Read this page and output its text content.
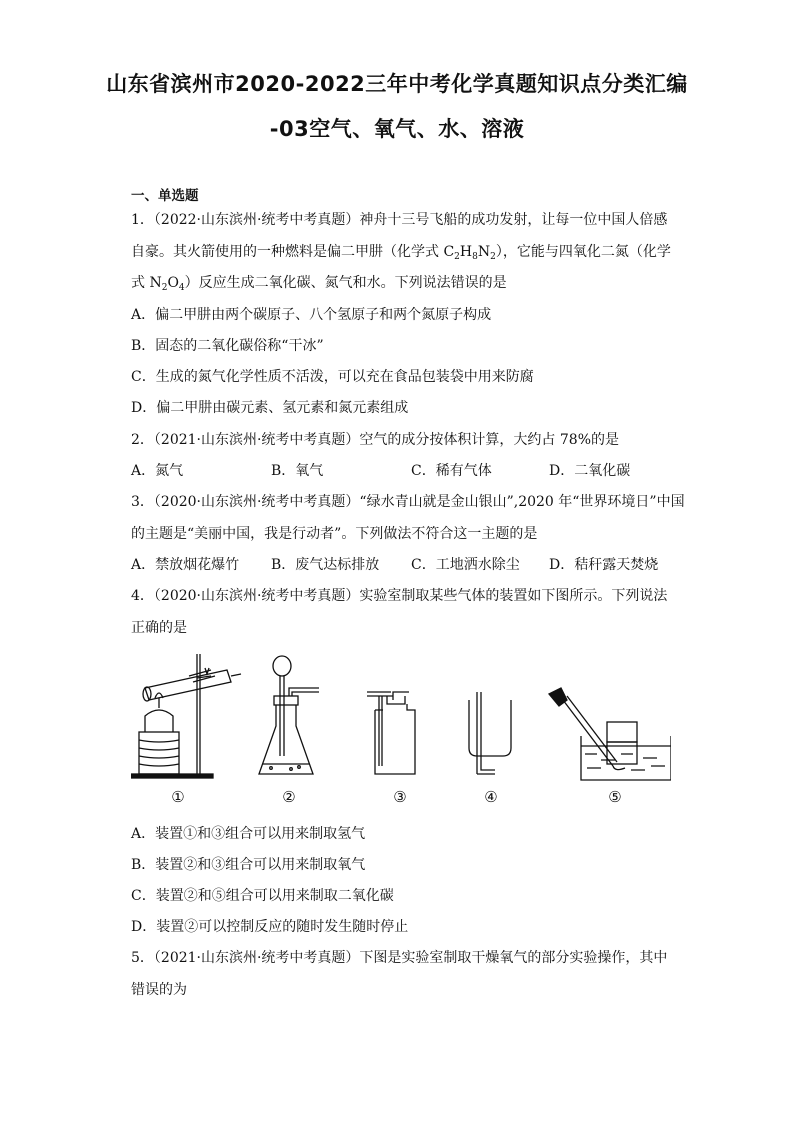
山东省滨州市2020-2022三年中考化学真题知识点分类汇编
-03空气、氧气、水、溶液
一、单选题
1．（2022·山东滨州·统考中考真题）神舟十三号飞船的成功发射，让每一位中国人倍感
自豪。其火箭使用的一种燃料是偏二甲肼（化学式 $C_2H_8N_2$），它能与四氧化二氮（化学
式 $N_2O_4$）反应生成二氧化碳、氮气和水。下列说法错误的是
A．偏二甲肼由两个碳原子、八个氢原子和两个氮原子构成
B．固态的二氧化碳俗称“干冰”
C．生成的氮气化学性质不活泼，可以充在食品包装袋中用来防腐
D．偏二甲肼由碳元素、氢元素和氮元素组成
2．（2021·山东滨州·统考中考真题）空气的成分按体积计算，大约占 78%的是
A．氮气	B．氧气	C．稀有气体	D．二氧化碳
3．（2020·山东滨州·统考中考真题）“绿水青山就是金山银山”,2020 年“世界环境日”中国
的主题是“美丽中国，我是行动者”。下列做法不符合这一主题的是
A．禁放烟花爆竹 B．废气达标排放 C．工地洒水除尘 D．秸秆露天焚烧
4．（2020·山东滨州·统考中考真题）实验室制取某些气体的装置如下图所示。下列说法
正确的是
①	②	③	④	⑤
A．装置①和③组合可以用来制取氢气
B．装置②和③组合可以用来制取氧气
C．装置②和⑤组合可以用来制取二氧化碳
D．装置②可以控制反应的随时发生随时停止
5．（2021·山东滨州·统考中考真题）下图是实验室制取干燥氧气的部分实验操作，其中
错误的为
